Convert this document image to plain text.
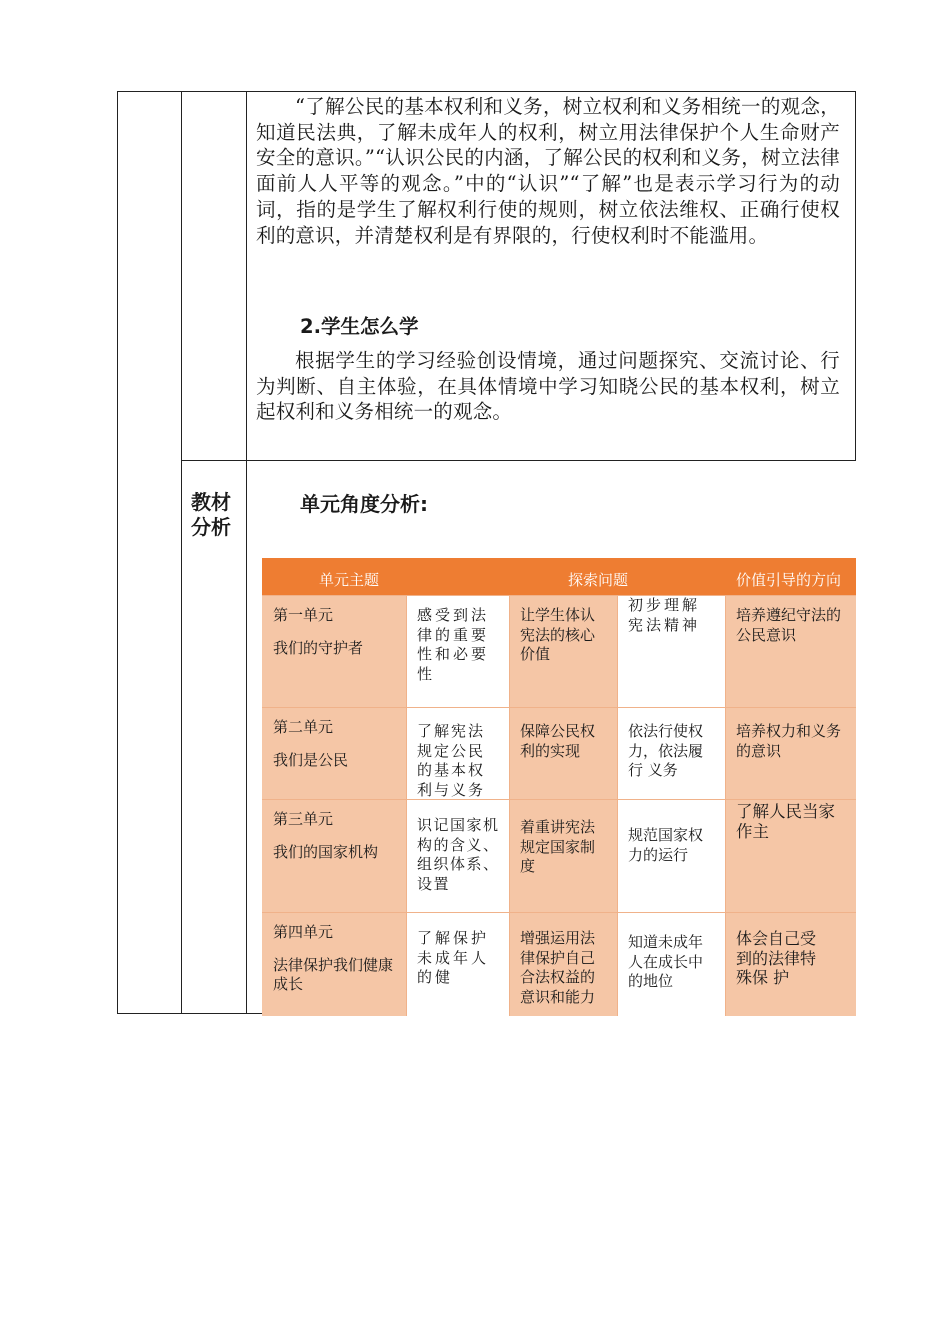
“了解公民的基本权利和义务，树立权利和义务相统一的观念，知道民法典，了解未成年人的权利，树立用法律保护个人生命财产安全的意识。”“认识公民的内涵，了解公民的权利和义务，树立法律面前人人平等的观念。”中的“认识”“了解”也是表示学习行为的动词，指的是学生了解权利行使的规则，树立依法维权、正确行使权利的意识，并清楚权利是有界限的，行使权利时不能滥用。

2.学生怎么学

根据学生的学习经验创设情境，通过问题探究、交流讨论、行为判断、自主体验，在具体情境中学习知晓公民的基本权利，树立起权利和义务相统一的观念。

教材分析
单元角度分析:
单元主题	探索问题	价值引导的方向
第一单元
我们的守护者
感受到法律的重要性和必要性
让学生体认宪法的核心价值
初步理解宪法精神
培养遵纪守法的公民意识
第二单元
我们是公民
了解宪法规定公民的基本权利与义务
保障公民权利的实现
依法行使权力，依法履行 义务
培养权力和义务的意识
第三单元
我们的国家机构
识记国家机构的含义、组织体系、设置
着重讲宪法规定国家制度
规范国家权力的运行
了解人民当家作主
第四单元
法律保护我们健康成长
了解保护未成年人的健
增强运用法律保护自己合法权益的意识和能力
知道未成年人在成长中的地位
体会自己受到的法律特殊保 护
